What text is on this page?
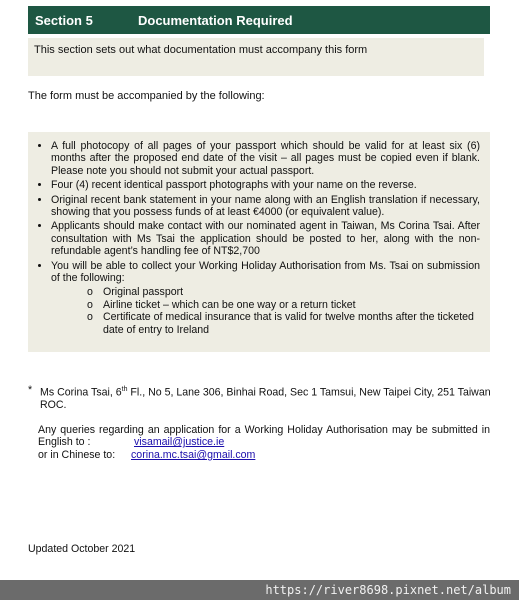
Section 5	Documentation Required
This section sets out what documentation must accompany this form
The form must be accompanied by the following:
• A full photocopy of all pages of your passport which should be valid for at least six (6) months after the proposed end date of the visit – all pages must be copied even if blank. Please note you should not submit your actual passport.
• Four (4) recent identical passport photographs with your name on the reverse.
• Original recent bank statement in your name along with an English translation if necessary, showing that you possess funds of at least €4000 (or equivalent value).
• Applicants should make contact with our nominated agent in Taiwan, Ms Corina Tsai. After consultation with Ms Tsai the application should be posted to her, along with the non-refundable agent’s handling fee of NT$2,700
• You will be able to collect your Working Holiday Authorisation from Ms. Tsai on submission of the following:
o Original passport
o Airline ticket – which can be one way or a return ticket
o Certificate of medical insurance that is valid for twelve months after the ticketed date of entry to Ireland
* Ms Corina Tsai, 6th Fl., No 5, Lane 306, Binhai Road, Sec 1 Tamsui, New Taipei City, 251 Taiwan ROC.
Any queries regarding an application for a Working Holiday Authorisation may be submitted in English to :	visamail@justice.ie
or in Chinese to: corina.mc.tsai@gmail.com
Updated October 2021
https://river8698.pixnet.net/album
